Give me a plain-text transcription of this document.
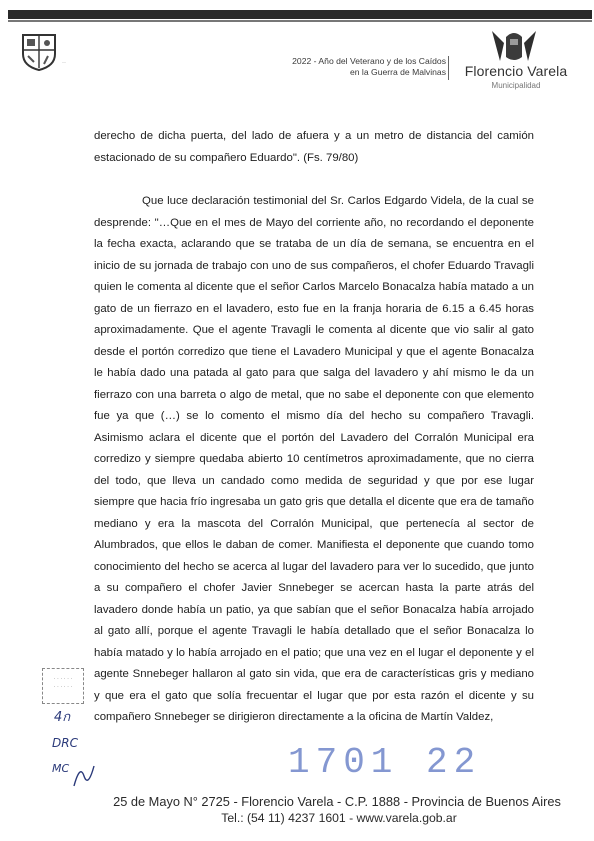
··	2022 - Año del Veterano y de los Caídos
en la Guerra de Malvinas	Florencio Varela
Municipalidad

derecho de dicha puerta, del lado de afuera y a un metro de distancia del camión estacionado de su compañero Eduardo". (Fs. 79/80)

Que luce declaración testimonial del Sr. Carlos Edgardo Videla, de la cual se desprende: "…Que en el mes de Mayo del corriente año, no recordando el deponente la fecha exacta, aclarando que se trataba de un día de semana, se encuentra en el inicio de su jornada de trabajo con uno de sus compañeros, el chofer Eduardo Travagli quien le comenta al dicente que el señor Carlos Marcelo Bonacalza había matado a un gato de un fierrazo en el lavadero, esto fue en la franja horaria de 6.15 a 6.45 horas aproximadamente. Que el agente Travagli le comenta al dicente que vio salir al gato desde el portón corredizo que tiene el Lavadero Municipal y que el agente Bonacalza le había dado una patada al gato para que salga del lavadero y ahí mismo le da un fierrazo con una barreta o algo de metal, que no sabe el deponente con que elemento fue ya que (…) se lo comento el mismo día del hecho su compañero Travagli. Asimismo aclara el dicente que el portón del Lavadero del Corralón Municipal era corredizo y siempre quedaba abierto 10 centímetros aproximadamente, que no cierra del todo, que lleva un candado como medida de seguridad y que por ese lugar siempre que hacia frío ingresaba un gato gris que detalla el dicente que era de tamaño mediano y era la mascota del Corralón Municipal, que pertenecía al sector de Alumbrados, que ellos le daban de comer. Manifiesta el deponente que cuando tomo conocimiento del hecho se acerca al lugar del lavadero para ver lo sucedido, que junto a su compañero el chofer Javier Snnebeger se acercan hasta la parte atrás del lavadero donde había un patio, ya que sabían que el señor Bonacalza había arrojado al gato allí, porque el agente Travagli le había detallado que el señor Bonacalza lo había matado y lo había arrojado en el patio; que una vez en el lugar el deponente y el agente Snnebeger hallaron al gato sin vida, que era de características gris y mediano y que era el gato que solía frecuentar el lugar que por esta razón el dicente y su compañero Snnebeger se dirigieron directamente a la oficina de Martín Valdez,

· · · · · ·
· · · · · ·
4ก
DRC
MC	1701 22
25 de Mayo N° 2725 - Florencio Varela - C.P. 1888 - Provincia de Buenos Aires
Tel.: (54 11) 4237 1601 - www.varela.gob.ar
